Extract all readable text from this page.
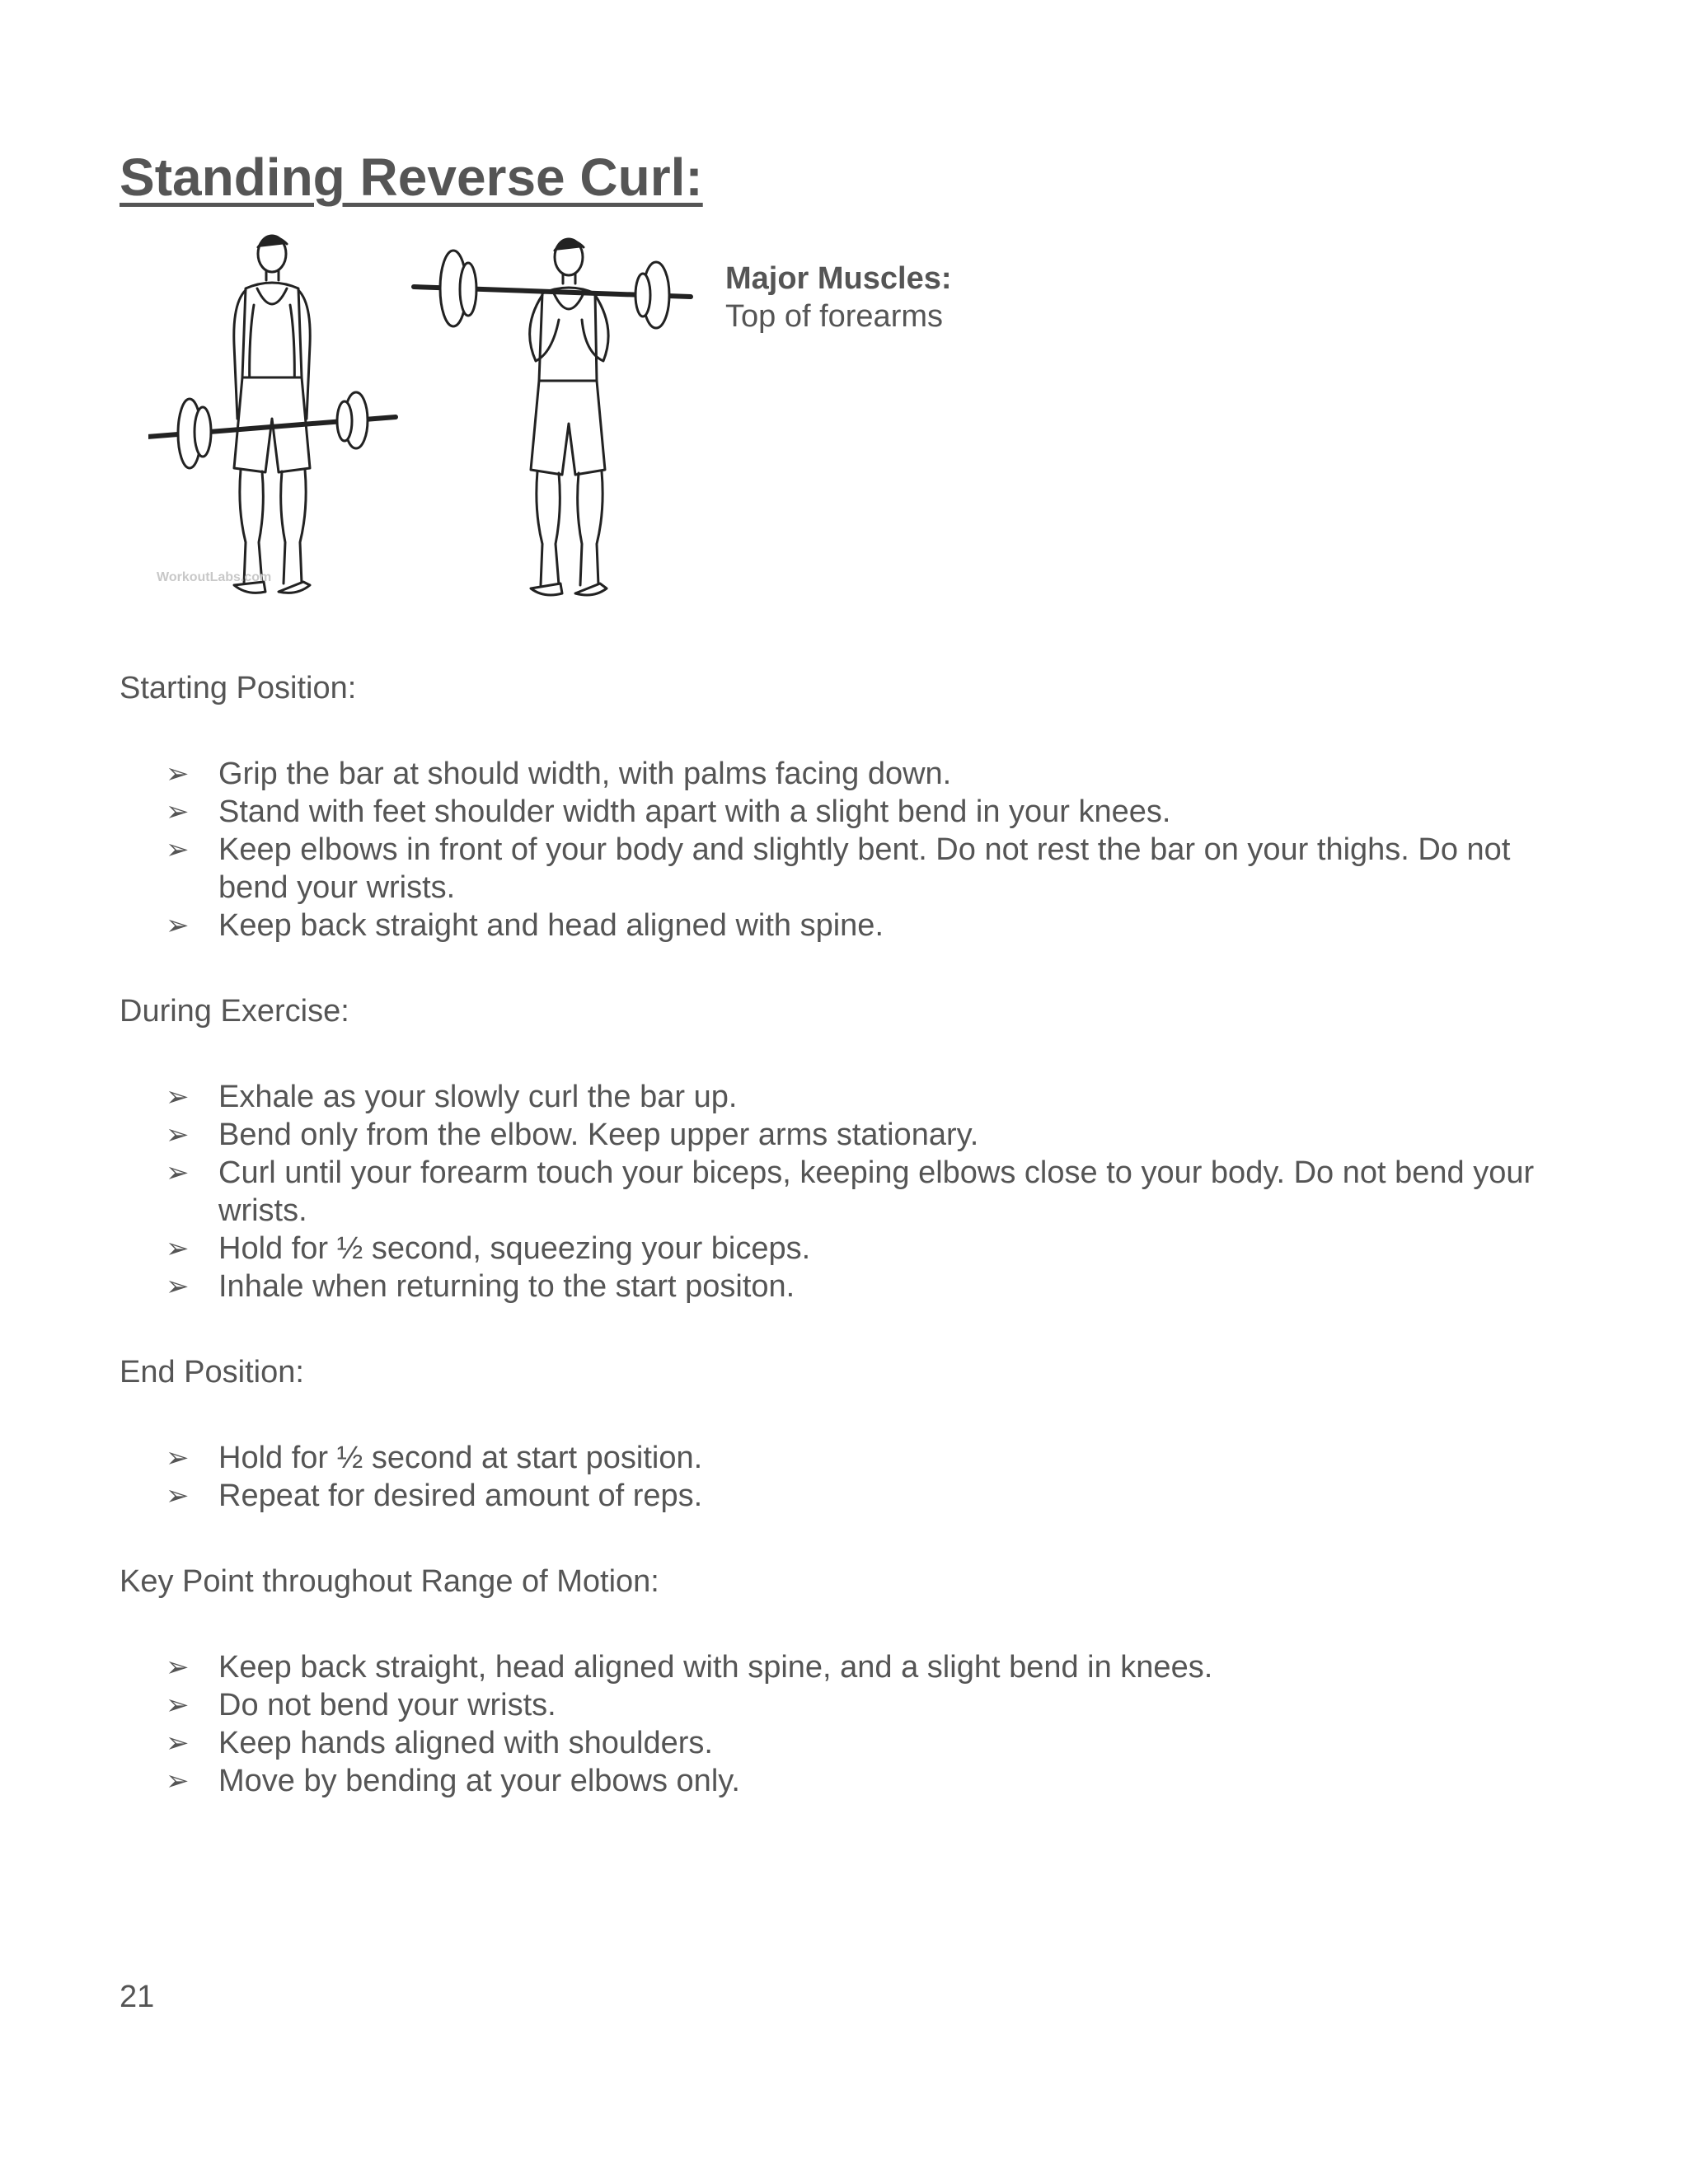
Standing Reverse Curl:
WorkoutLabs.com
Major Muscles:
Top of forearms
Starting Position:
➢ Grip the bar at should width, with palms facing down.
➢ Stand with feet shoulder width apart with a slight bend in your knees.
➢ Keep elbows in front of your body and slightly bent. Do not rest the bar on your thighs. Do not bend your wrists.
➢ Keep back straight and head aligned with spine.
During Exercise:
➢ Exhale as your slowly curl the bar up.
➢ Bend only from the elbow. Keep upper arms stationary.
➢ Curl until your forearm touch your biceps, keeping elbows close to your body. Do not bend your wrists.
➢ Hold for ½ second, squeezing your biceps.
➢ Inhale when returning to the start positon.
End Position:
➢ Hold for ½ second at start position.
➢ Repeat for desired amount of reps.
Key Point throughout Range of Motion:
➢ Keep back straight, head aligned with spine, and a slight bend in knees.
➢ Do not bend your wrists.
➢ Keep hands aligned with shoulders.
➢ Move by bending at your elbows only.
21
